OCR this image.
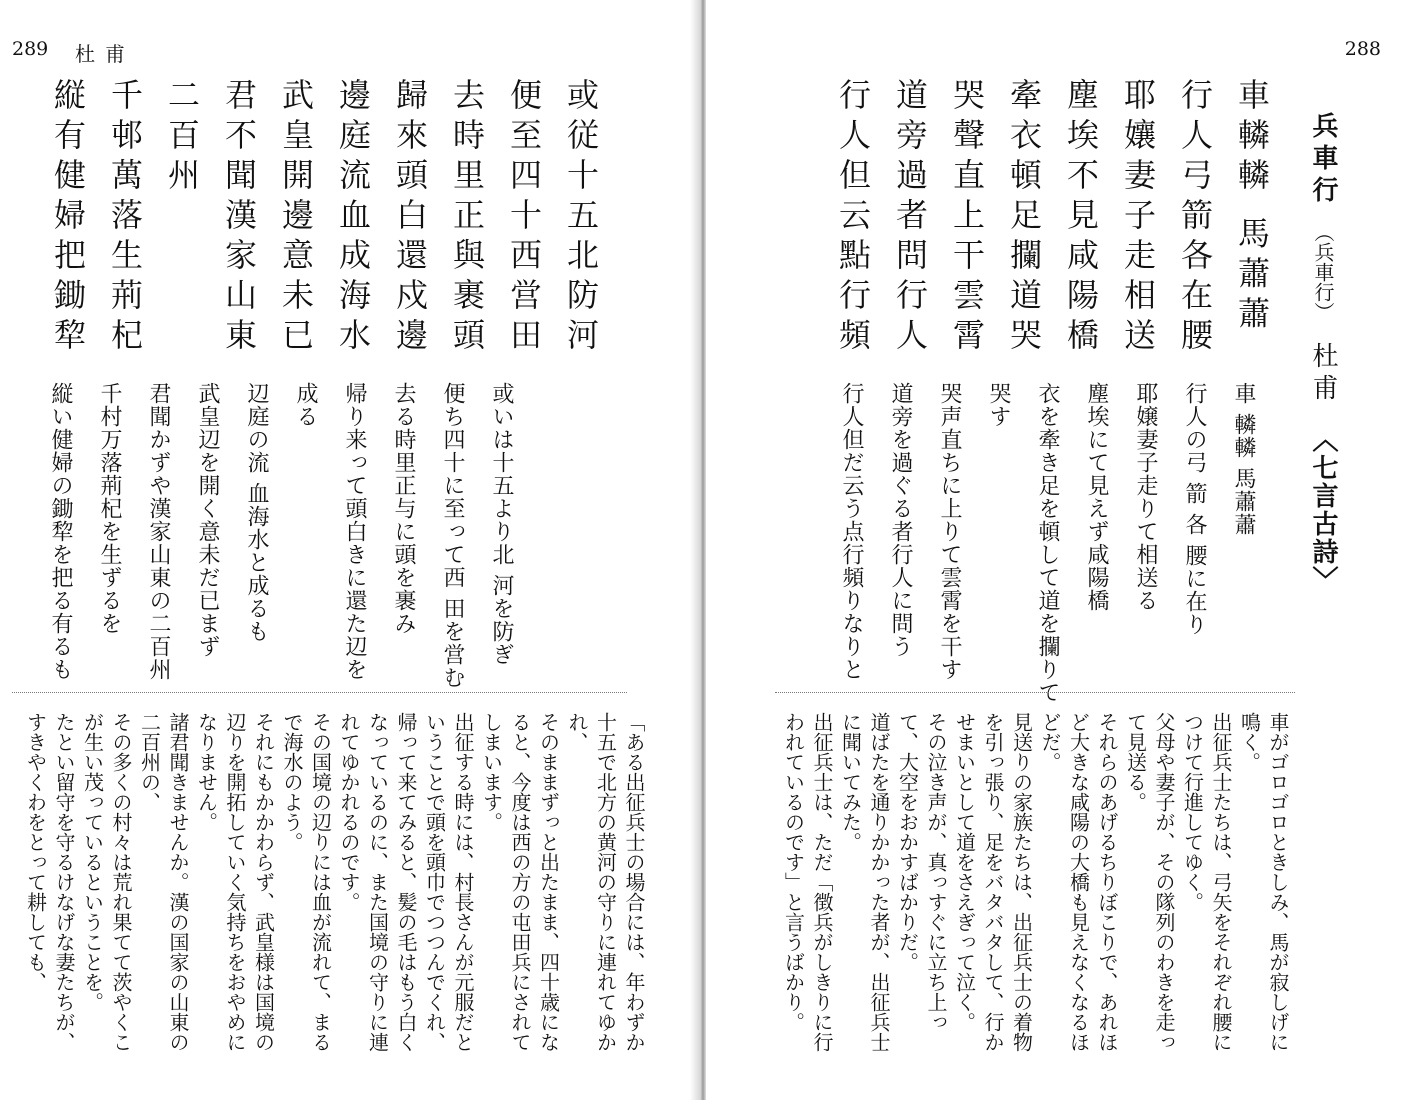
289 杜甫
或従十五北防河
便至四十西営田
去時里正與裹頭
歸來頭白還戍邊
邊庭流血成海水
武皇開邊意未已
君不聞漢家山東
二百州
千邨萬落生荊杞
縦有健婦把鋤犂
或いは十五より北 河を防ぎ
便ち四十に至って西 田を営む
去る時里正与に頭を裹み
帰り来って頭白きに還た辺を
成る
辺庭の流 血海水と成るも
武皇辺を開く意未だ已まず
君聞かずや漢家山東の二百州
千村万落荊杞を生ずるを
縦い健婦の鋤犂を把る有るも
「ある出征兵士の場合には、年わずか
十五で北方の黄河の守りに連れてゆか
れ、
そのままずっと出たまま、四十歳にな
ると、今度は西の方の屯田兵にされて
しまいます。
出征する時には、村長さんが元服だと
いうことで頭を頭巾でつつんでくれ、
帰って来てみると、髪の毛はもう白く
なっているのに、また国境の守りに連
れてゆかれるのです。
その国境の辺りには血が流れて、まる
で海水のよう。
それにもかかわらず、武皇様は国境の
辺りを開拓していく気持ちをおやめに
なりません。
諸君聞きませんか。漢の国家の山東の
二百州の、
その多くの村々は荒れ果てて茨やくこ
が生い茂っているということを。
たとい留守を守るけなげな妻たちが、
すきやくわをとって耕しても、
288
兵車行（兵車行）杜甫〈七言古詩〉
車轔轔 馬蕭蕭
行人弓箭各在腰
耶孃妻子走相送
塵埃不見咸陽橋
牽衣頓足攔道哭
哭聲直上干雲霄
道旁過者問行人
行人但云點行頻
車 轔轔 馬蕭蕭
行人の弓 箭 各 腰に在り
耶嬢妻子走りて相送る
塵埃にて見えず咸陽橋
衣を牽き足を頓して道を攔りて
哭す
哭声直ちに上りて雲霄を干す
道旁を過ぐる者行人に問う
行人但だ云う点行頻りなりと
車がゴロゴロときしみ、馬が寂しげに
鳴く。
出征兵士たちは、弓矢をそれぞれ腰に
つけて行進してゆく。
父母や妻子が、その隊列のわきを走っ
て見送る。
それらのあげるちりぼこりで、あれほ
ど大きな咸陽の大橋も見えなくなるほ
どだ。
見送りの家族たちは、出征兵士の着物
を引っ張り、足をバタバタして、行か
せまいとして道をさえぎって泣く。
その泣き声が、真っすぐに立ち上っ
て、大空をおかすばかりだ。
道ばたを通りかかった者が、出征兵士
に聞いてみた。
出征兵士は、ただ「徴兵がしきりに行
われているのです」と言うばかり。
